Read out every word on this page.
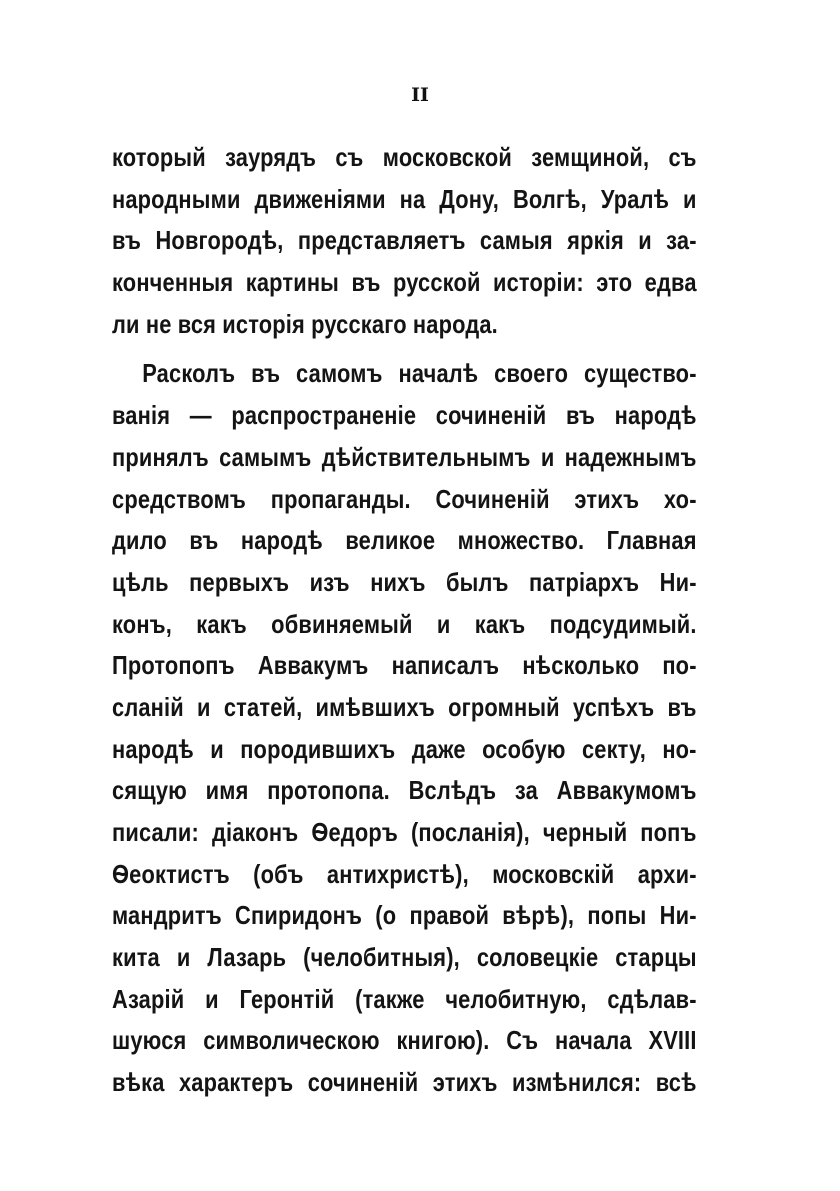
II
который заурядъ съ московской земщиной, съ
народными движеніями на Дону, Волгѣ, Уралѣ и
въ Новгородѣ, представляетъ самыя яркія и за-
конченныя картины въ русской исторіи: это едва
ли не вся исторія русскаго народа.
Расколъ въ самомъ началѣ своего существо-
ванія — распространеніе сочиненій въ народѣ
принялъ самымъ дѣйствительнымъ и надежнымъ
средствомъ пропаганды. Сочиненій этихъ хо-
дило въ народѣ великое множество. Главная
цѣль первыхъ изъ нихъ былъ патріархъ Ни-
конъ, какъ обвиняемый и какъ подсудимый.
Протопопъ Аввакумъ написалъ нѣсколько по-
сланій и статей, имѣвшихъ огромный успѣхъ въ
народѣ и породившихъ даже особую секту, но-
сящую имя протопопа. Вслѣдъ за Аввакумомъ
писали: діаконъ Ѳедоръ (посланія), черный попъ
Ѳеоктистъ (объ антихристѣ), московскій архи-
мандритъ Спиридонъ (о правой вѣрѣ), попы Ни-
кита и Лазарь (челобитныя), соловецкіе старцы
Азарій и Геронтій (также челобитную, сдѣлав-
шуюся символическою книгою). Съ начала XVIII
вѣка характеръ сочиненій этихъ измѣнился: всѣ
